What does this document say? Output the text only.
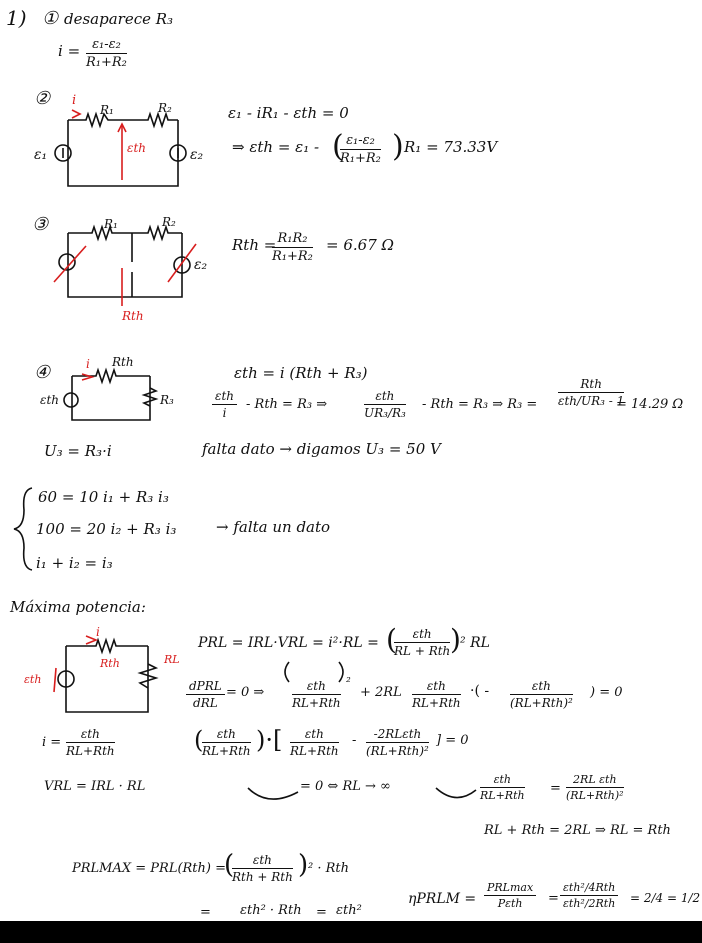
1) ① desaparece R₃
$i = \frac{\text{ε₁-ε₂}}{\text{R₁+R₂}}$
② i
R₁	R₂
ε₁	ε₂
εth
ε₁ - iR₁ - εth = 0
⇒ εth = ε₁ - (
$\frac{\text{ε₁-ε₂}}{\text{R₁+R₂}}$ ) R₁ = 73.33V
③	R₁	R₂
ε₂
Rth
Rth =
$\frac{\text{R₁R₂}}{\text{R₁+R₂}} = 6.67$ Ω
④	i Rth
εth	R₃
εth = i (Rth + R₃)
εth
i
- Rth = R₃ ⇒
εth
UR₃/R₃
- Rth = R₃ ⇒ R₃ =
Rth
εth/UR₃ - 1
= 14.29 Ω
U₃ = R₃·i	falta dato → digamos U₃ = 50 V
60 = 10 i₁ + R₃ i₃
100 = 20 i₂ + R₃ i₃
i₁ + i₂ = i₃
→ falta un dato
Máxima potencia:
i
Rth	RL
εth
PRL = IRL·VRL = i²·RL = (	εth
RL + Rth ) ² RL
dPRL
dRL
= 0 ⇒	εth
RL+Rth
²
+ 2RL	εth
RL+Rth
·( -	εth
(RL+Rth)²
) = 0
i =
εth
RL+Rth
VRL = IRL · RL
(	εth
RL+Rth )·[	εth
RL+Rth
-	-2RLεth
(RL+Rth)²
] = 0
= 0 ⇔ RL → ∞	εth
RL+Rth =
2RL εth
(RL+Rth)²
RL + Rth = 2RL ⇒ RL = Rth
PRLMAX = PRL(Rth) =
(	εth
Rth + Rth ) ² · Rth
= εth² · Rth = εth²
ηPRLM =
PRLmax
Pεth	=
εth²/4Rth
εth²/2Rth = 2/4 = 1/2
